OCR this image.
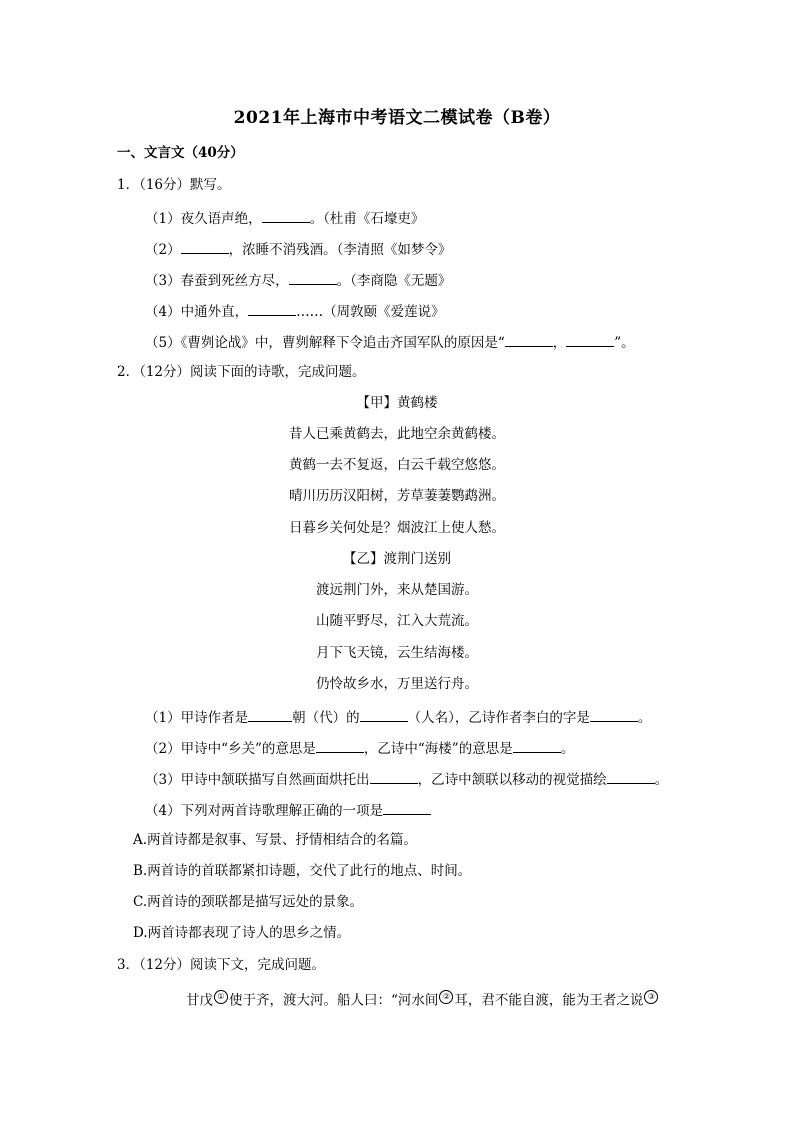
2021年上海市中考语文二模试卷（B卷）
一、文言文（40分）
1．（16分）默写。
（1）夜久语声绝，	。（杜甫《石壕吏》
（2）	，浓睡不消残酒。（李清照《如梦令》
（3）春蚕到死丝方尽，	。（李商隐《无题》
（4）中通外直，	……（周敦颐《爱莲说》
（5）《曹刿论战》中，曹刿解释下令追击齐国军队的原因是“	，	”。
2．（12分）阅读下面的诗歌，完成问题。
【甲】黄鹤楼
昔人已乘黄鹤去，此地空余黄鹤楼。
黄鹤一去不复返，白云千载空悠悠。
晴川历历汉阳树，芳草萋萋鹦鹉洲。
日暮乡关何处是？烟波江上使人愁。
【乙】渡荆门送别
渡远荆门外，来从楚国游。
山随平野尽，江入大荒流。
月下飞天镜，云生结海楼。
仍怜故乡水，万里送行舟。
（1）甲诗作者是	朝（代）的	（人名），乙诗作者李白的字是	。
（2）甲诗中“乡关”的意思是	，乙诗中“海楼”的意思是	。
（3）甲诗中颔联描写自然画面烘托出	，乙诗中颔联以移动的视觉描绘	。
（4）下列对两首诗歌理解正确的一项是
A.两首诗都是叙事、写景、抒情相结合的名篇。
B.两首诗的首联都紧扣诗题，交代了此行的地点、时间。
C.两首诗的颈联都是描写远处的景象。
D.两首诗都表现了诗人的思乡之情。
3．（12分）阅读下文，完成问题。
甘戊 ① 使于齐，渡大河。船人曰：“河水间 ② 耳，君不能自渡，能为王者之说 ③
